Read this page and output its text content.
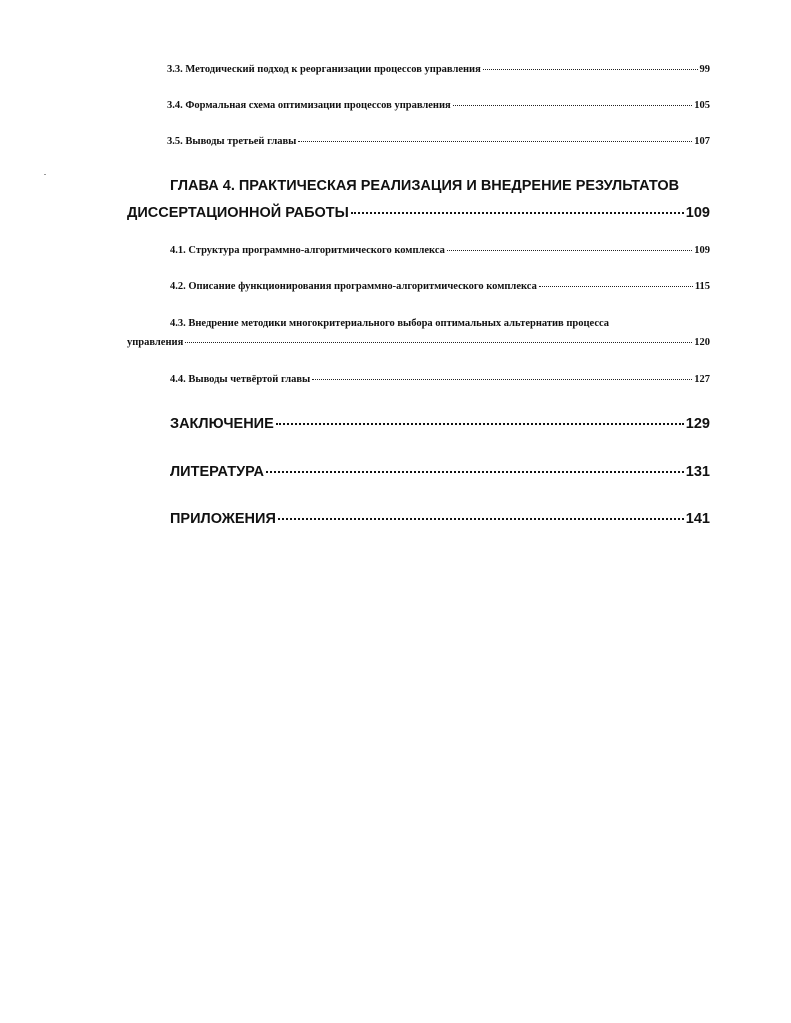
3.3. Методический подход к реорганизации процессов управления	99
3.4. Формальная схема оптимизации процессов управления	105
3.5. Выводы третьей главы	107
ГЛАВА 4. ПРАКТИЧЕСКАЯ РЕАЛИЗАЦИЯ И ВНЕДРЕНИЕ РЕЗУЛЬТАТОВ
ДИССЕРТАЦИОННОЙ РАБОТЫ	109
4.1. Структура программно-алгоритмического комплекса	109
4.2. Описание функционирования программно-алгоритмического комплекса	115
4.3. Внедрение методики многокритериального выбора оптимальных альтернатив процесса
управления	120
4.4. Выводы четвёртой главы	127
ЗАКЛЮЧЕНИЕ	129
ЛИТЕРАТУРА	131
ПРИЛОЖЕНИЯ	141
